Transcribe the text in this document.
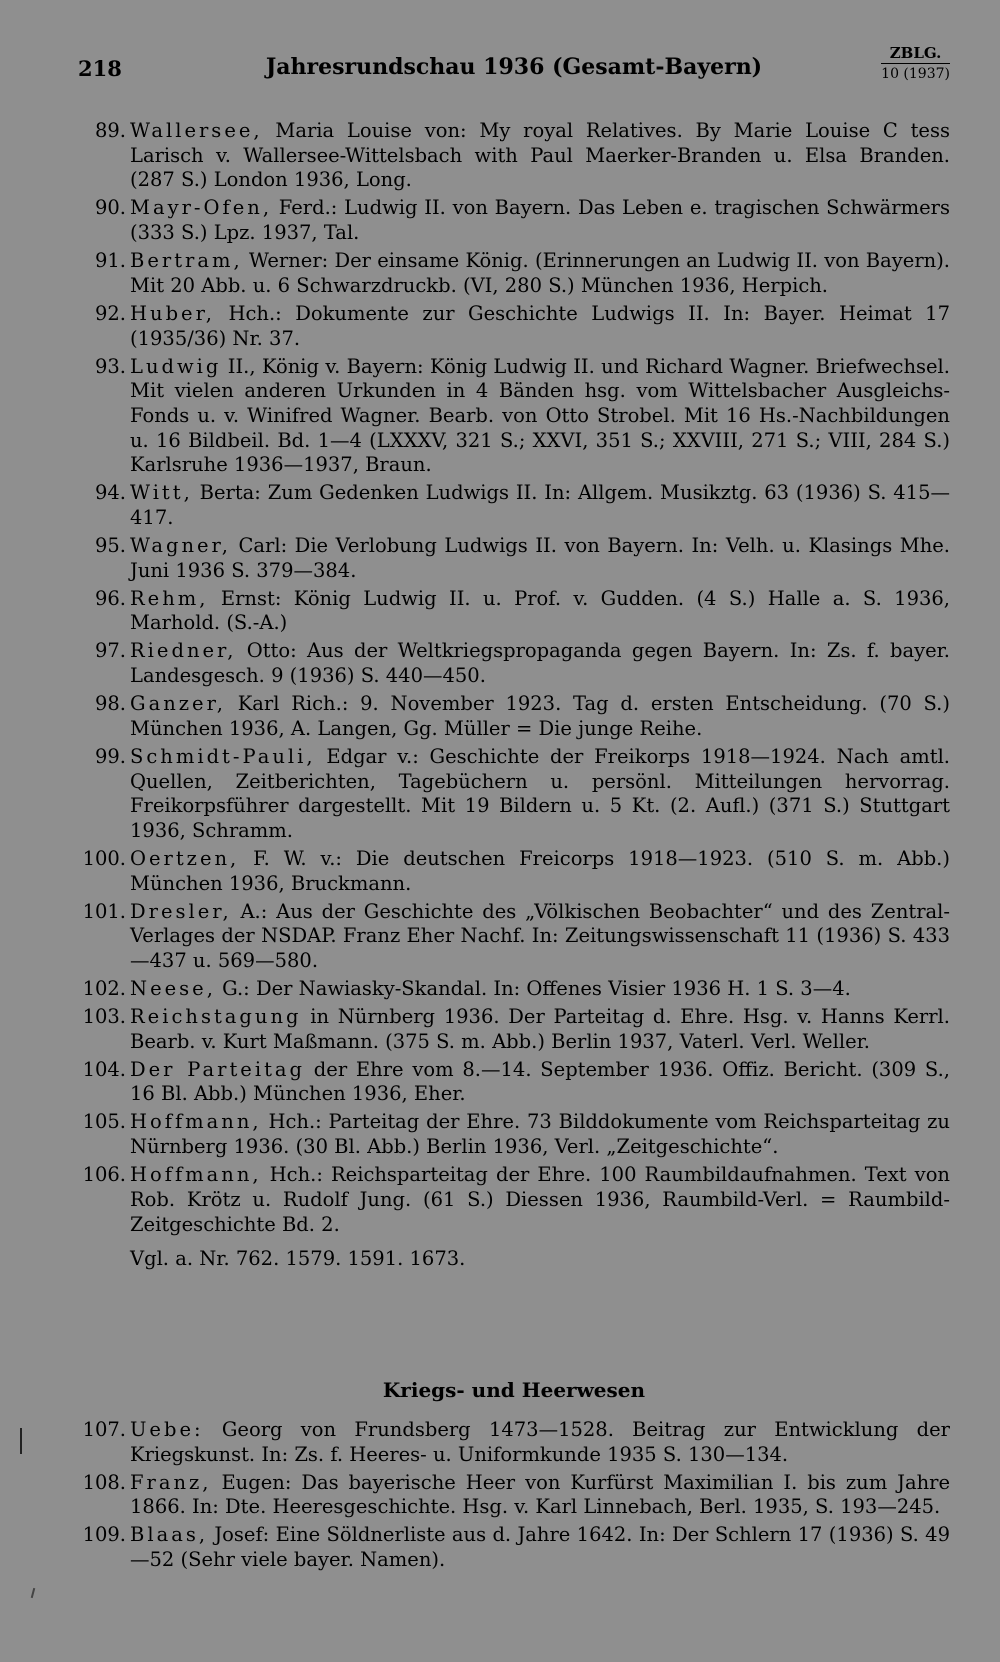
218	Jahresrundschau 1936 (Gesamt-Bayern)
ZBLG.
10 (1937)
89. Wallersee, Maria Louise von: My royal Relatives. By Marie Louise C tess Larisch v. Wallersee-Wittelsbach with Paul Maerker-Branden u. Elsa Branden. (287 S.) London 1936, Long.
90. Mayr-Ofen, Ferd.: Ludwig II. von Bayern. Das Leben e. tragischen Schwärmers (333 S.) Lpz. 1937, Tal.
91. Bertram, Werner: Der einsame König. (Erinnerungen an Ludwig II. von Bayern). Mit 20 Abb. u. 6 Schwarzdruckb. (VI, 280 S.) München 1936, Herpich.
92. Huber, Hch.: Dokumente zur Geschichte Ludwigs II. In: Bayer. Heimat 17 (1935/36) Nr. 37.
93. Ludwig II., König v. Bayern: König Ludwig II. und Richard Wagner. Briefwechsel. Mit vielen anderen Urkunden in 4 Bänden hsg. vom Wittelsbacher Ausgleichs-Fonds u. v. Winifred Wagner. Bearb. von Otto Strobel. Mit 16 Hs.-Nachbildungen u. 16 Bildbeil. Bd. 1—4 (LXXXV, 321 S.; XXVI, 351 S.; XXVIII, 271 S.; VIII, 284 S.) Karlsruhe 1936—1937, Braun.
94. Witt, Berta: Zum Gedenken Ludwigs II. In: Allgem. Musikztg. 63 (1936) S. 415—417.
95. Wagner, Carl: Die Verlobung Ludwigs II. von Bayern. In: Velh. u. Klasings Mhe. Juni 1936 S. 379—384.
96. Rehm, Ernst: König Ludwig II. u. Prof. v. Gudden. (4 S.) Halle a. S. 1936, Marhold. (S.-A.)
97. Riedner, Otto: Aus der Weltkriegspropaganda gegen Bayern. In: Zs. f. bayer. Landesgesch. 9 (1936) S. 440—450.
98. Ganzer, Karl Rich.: 9. November 1923. Tag d. ersten Entscheidung. (70 S.) München 1936, A. Langen, Gg. Müller = Die junge Reihe.
99. Schmidt-Pauli, Edgar v.: Geschichte der Freikorps 1918—1924. Nach amtl. Quellen, Zeitberichten, Tagebüchern u. persönl. Mitteilungen hervorrag. Freikorpsführer dargestellt. Mit 19 Bildern u. 5 Kt. (2. Aufl.) (371 S.) Stuttgart 1936, Schramm.
100. Oertzen, F. W. v.: Die deutschen Freicorps 1918—1923. (510 S. m. Abb.) München 1936, Bruckmann.
101. Dresler, A.: Aus der Geschichte des „Völkischen Beobachter“ und des Zentral-Verlages der NSDAP. Franz Eher Nachf. In: Zeitungswissenschaft 11 (1936) S. 433—437 u. 569—580.
102. Neese, G.: Der Nawiasky-Skandal. In: Offenes Visier 1936 H. 1 S. 3—4.
103. Reichstagung in Nürnberg 1936. Der Parteitag d. Ehre. Hsg. v. Hanns Kerrl. Bearb. v. Kurt Maßmann. (375 S. m. Abb.) Berlin 1937, Vaterl. Verl. Weller.
104. Der Parteitag der Ehre vom 8.—14. September 1936. Offiz. Bericht. (309 S., 16 Bl. Abb.) München 1936, Eher.
105. Hoffmann, Hch.: Parteitag der Ehre. 73 Bilddokumente vom Reichsparteitag zu Nürnberg 1936. (30 Bl. Abb.) Berlin 1936, Verl. „Zeitgeschichte“.
106. Hoffmann, Hch.: Reichsparteitag der Ehre. 100 Raumbildaufnahmen. Text von Rob. Krötz u. Rudolf Jung. (61 S.) Diessen 1936, Raumbild-Verl. = Raumbild-Zeitgeschichte Bd. 2.
Vgl. a. Nr. 762. 1579. 1591. 1673.
Kriegs- und Heerwesen
107. Uebe: Georg von Frundsberg 1473—1528. Beitrag zur Entwicklung der Kriegskunst. In: Zs. f. Heeres- u. Uniformkunde 1935 S. 130—134.
108. Franz, Eugen: Das bayerische Heer von Kurfürst Maximilian I. bis zum Jahre 1866. In: Dte. Heeresgeschichte. Hsg. v. Karl Linnebach, Berl. 1935, S. 193—245.
109. Blaas, Josef: Eine Söldnerliste aus d. Jahre 1642. In: Der Schlern 17 (1936) S. 49—52 (Sehr viele bayer. Namen).
